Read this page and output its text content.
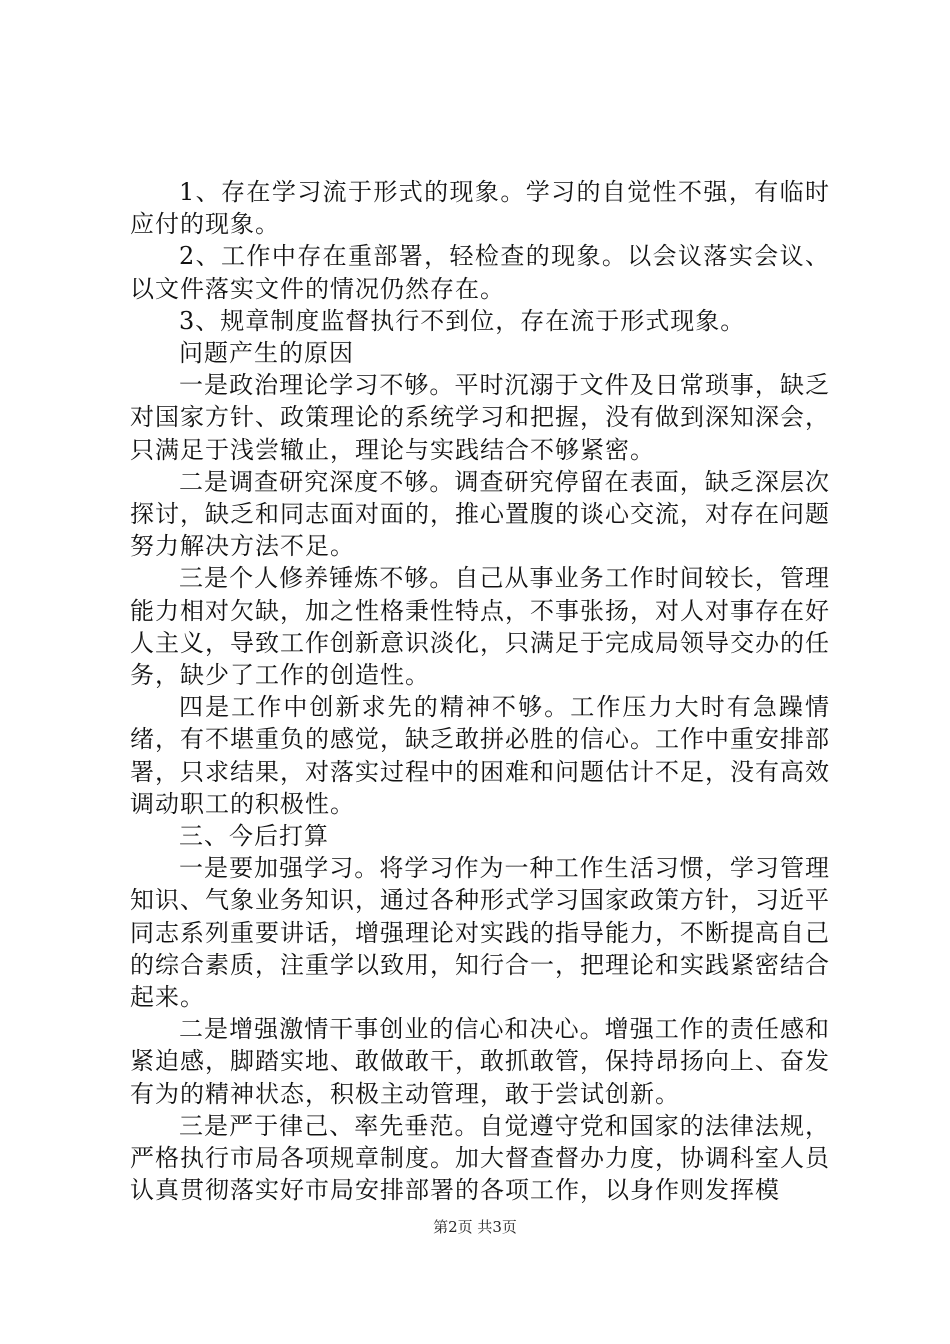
1、存在学习流于形式的现象。学习的自觉性不强，有临时应付的现象。

2、工作中存在重部署，轻检查的现象。以会议落实会议、以文件落实文件的情况仍然存在。

3、规章制度监督执行不到位，存在流于形式现象。

问题产生的原因

一是政治理论学习不够。平时沉溺于文件及日常琐事，缺乏对国家方针、政策理论的系统学习和把握，没有做到深知深会，只满足于浅尝辙止，理论与实践结合不够紧密。

二是调查研究深度不够。调查研究停留在表面，缺乏深层次探讨，缺乏和同志面对面的，推心置腹的谈心交流，对存在问题努力解决方法不足。

三是个人修养锤炼不够。自己从事业务工作时间较长，管理能力相对欠缺，加之性格秉性特点，不事张扬，对人对事存在好人主义，导致工作创新意识淡化，只满足于完成局领导交办的任务，缺少了工作的创造性。

四是工作中创新求先的精神不够。工作压力大时有急躁情绪，有不堪重负的感觉，缺乏敢拼必胜的信心。工作中重安排部署，只求结果，对落实过程中的困难和问题估计不足，没有高效调动职工的积极性。

三、今后打算

一是要加强学习。将学习作为一种工作生活习惯，学习管理知识、气象业务知识，通过各种形式学习国家政策方针，习近平同志系列重要讲话，增强理论对实践的指导能力，不断提高自己的综合素质，注重学以致用，知行合一，把理论和实践紧密结合起来。

二是增强激情干事创业的信心和决心。增强工作的责任感和紧迫感，脚踏实地、敢做敢干，敢抓敢管，保持昂扬向上、奋发有为的精神状态，积极主动管理，敢于尝试创新。

三是严于律己、率先垂范。自觉遵守党和国家的法律法规，严格执行市局各项规章制度。加大督查督办力度，协调科室人员认真贯彻落实好市局安排部署的各项工作，以身作则发挥模

第2页 共3页
